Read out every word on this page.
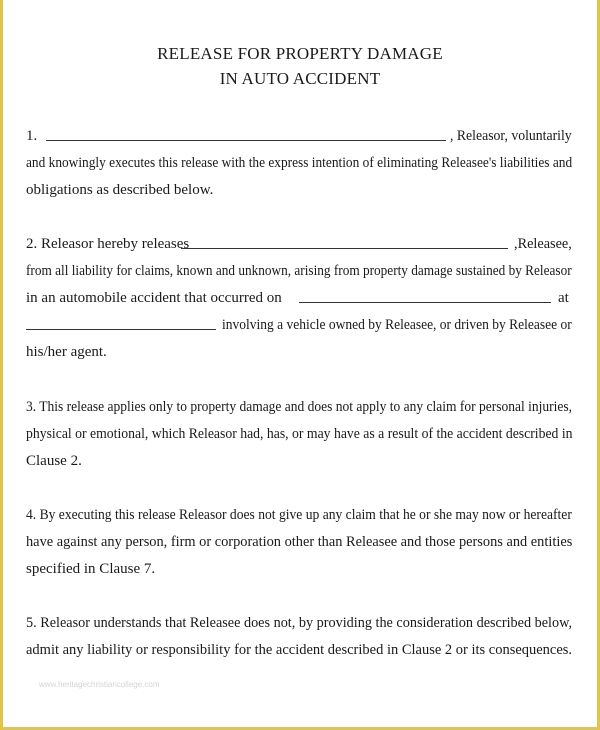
RELEASE FOR PROPERTY DAMAGE
IN AUTO ACCIDENT
1.	, Releasor, voluntarily
and knowingly executes this release with the express intention of eliminating Releasee's liabilities and
obligations as described below.
2. Releasor hereby releases	,Releasee,
from all liability for claims, known and unknown, arising from property damage sustained by Releasor
in an automobile accident that occurred on	at
involving a vehicle owned by Releasee, or driven by Releasee or
his/her agent.
3. This release applies only to property damage and does not apply to any claim for personal injuries,
physical or emotional, which Releasor had, has, or may have as a result of the accident described in
Clause 2.
4. By executing this release Releasor does not give up any claim that he or she may now or hereafter
have against any person, firm or corporation other than Releasee and those persons and entities
specified in Clause 7.
5. Releasor understands that Releasee does not, by providing the consideration described below,
admit any liability or responsibility for the accident described in Clause 2 or its consequences.
www.heritagechristiancollege.com
